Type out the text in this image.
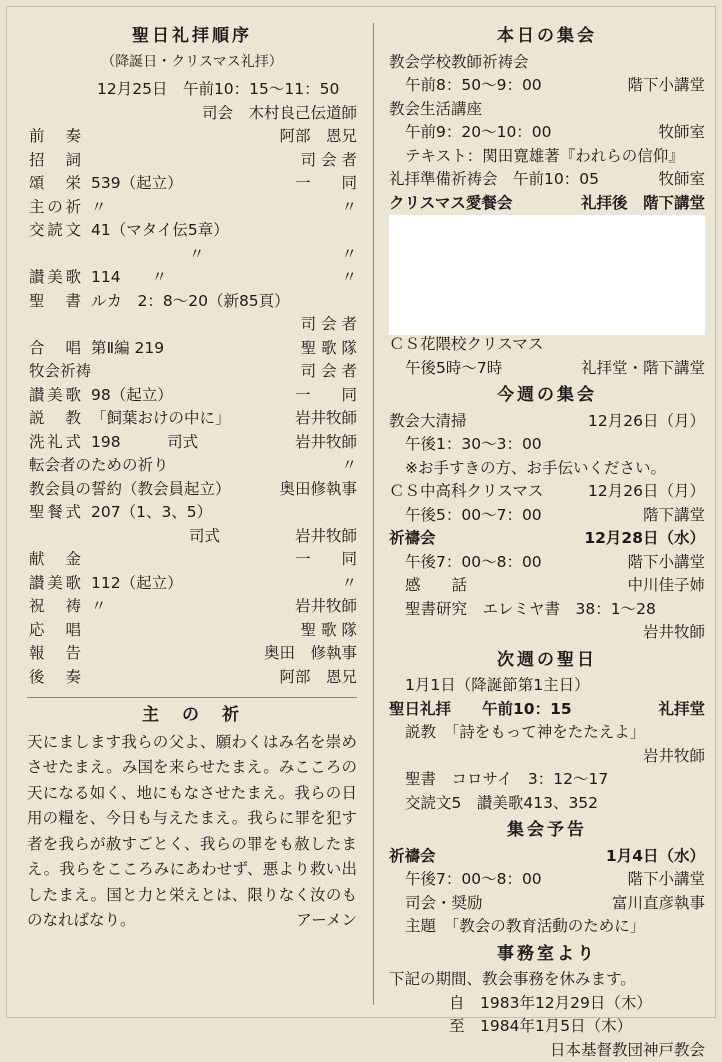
聖日礼拝順序
（降誕日・クリスマス礼拝）
12月25日　午前10：15～11：50
司会　木村良己伝道師
前　奏	阿部　恩兄
招　詞	司 会 者
頌　栄 539（起立）	一　　同
主の祈 〃	〃
交読文 41（マタイ伝5章）
〃	〃
讃美歌 114　　〃	〃
聖　書 ルカ　2：8～20（新85頁）
司 会 者
合　唱 第Ⅱ編 219	聖 歌 隊
牧会祈祷	司 会 者
讃美歌 98（起立）	一　　同
説　教 「飼葉おけの中に」	岩井牧師
洗礼式 198　　　司式	岩井牧師
転会者のための祈り	〃
教会員の誓約（教会員起立）	奥田修執事
聖餐式 207（1、3、5）
司式	岩井牧師
献　金	一　　同
讃美歌 112（起立）	〃
祝　祷 〃	岩井牧師
応　唱	聖 歌 隊
報　告	奥田　修執事
後　奏	阿部　恩兄
主　の　祈
天にまします我らの父よ、願わくはみ名を崇めさせたまえ。み国を来らせたまえ。みこころの天になる如く、地にもなさせたまえ。我らの日用の糧を、今日も与えたまえ。我らに罪を犯す者を我らが赦すごとく、我らの罪をも赦したまえ。我らをこころみにあわせず、悪より救い出したまえ。国と力と栄えとは、限りなく汝のものなればなり。	アーメン
本日の集会
教会学校教師祈祷会
午前8：50～9：00	階下小講堂
教会生活講座
午前9：20～10：00	牧師室
テキスト：関田寛雄著『われらの信仰』
礼拝準備祈祷会　午前10：05	牧師室
クリスマス愛餐会	礼拝後　階下講堂
ＣＳ花隈校クリスマス
午後5時～7時	礼拝堂・階下講堂
今週の集会
教会大清掃	12月26日（月）
午後1：30～3：00
※お手すきの方、お手伝いください。
ＣＳ中高科クリスマス	12月26日（月）
午後5：00～7：00	階下講堂
祈禱会	12月28日（水）
午後7：00～8：00	階下小講堂
感　　話	中川佳子姉
聖書研究　エレミヤ書　38：1～28
岩井牧師
次週の聖日
1月1日（降誕節第1主日）
聖日礼拝　　午前10：15	礼拝堂
説教　「詩をもって神をたたえよ」
岩井牧師
聖書　コロサイ　3：12～17
交読文5　讃美歌413、352
集会予告
祈禱会	1月4日（水）
午後7：00～8：00	階下小講堂
司会・奨励	富川直彦執事
主題　「教会の教育活動のために」
事務室より
下記の期間、教会事務を休みます。
自　1983年12月29日（木）
至　1984年1月5日（木）
日本基督教団神戸教会
